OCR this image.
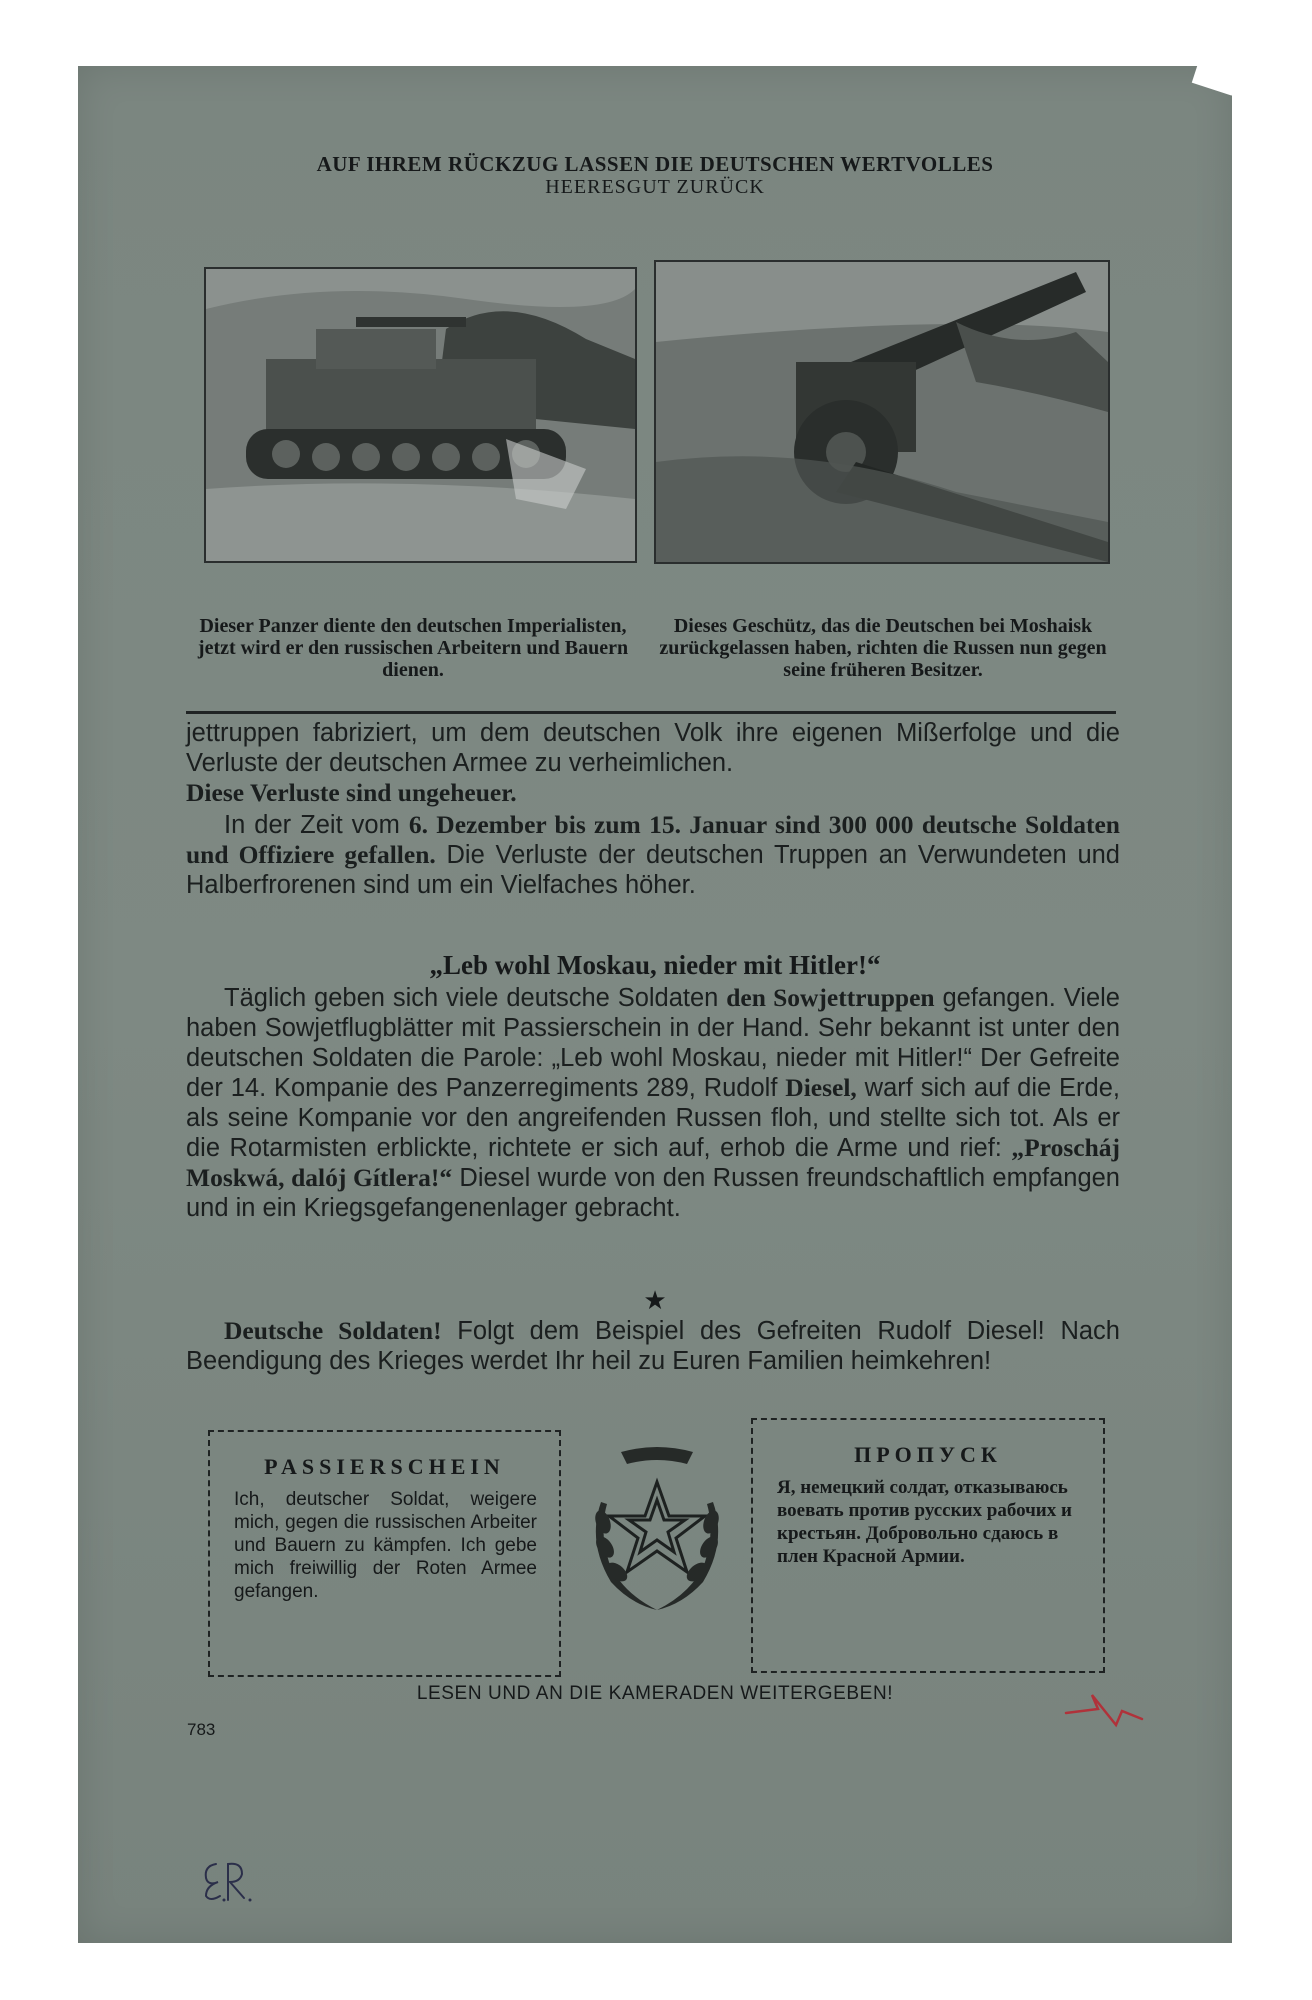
AUF IHREM RÜCKZUG LASSEN DIE DEUTSCHEN WERTVOLLES
HEERESGUT ZURÜCK
Dieser Panzer diente den deutschen Imperialisten, jetzt wird er den russischen Arbeitern und Bauern dienen.
Dieses Geschütz, das die Deutschen bei Moshaisk zurückgelassen haben, richten die Russen nun gegen seine früheren Besitzer.
jettruppen fabriziert, um dem deutschen Volk ihre eigenen Mißerfolge und die Verluste der deutschen Armee zu verheimlichen.
Diese Verluste sind ungeheuer.
In der Zeit vom 6. Dezember bis zum 15. Januar sind 300 000 deutsche Soldaten und Offiziere gefallen. Die Verluste der deutschen Truppen an Verwundeten und Halberfrorenen sind um ein Vielfaches höher.
„Leb wohl Moskau, nieder mit Hitler!“
Täglich geben sich viele deutsche Soldaten den Sowjettruppen gefangen. Viele haben Sowjetflugblätter mit Passierschein in der Hand. Sehr bekannt ist unter den deutschen Soldaten die Parole: „Leb wohl Moskau, nieder mit Hitler!“ Der Gefreite der 14. Kompanie des Panzerregiments 289, Rudolf Diesel, warf sich auf die Erde, als seine Kompanie vor den angreifenden Russen floh, und stellte sich tot. Als er die Rotarmisten erblickte, richtete er sich auf, erhob die Arme und rief: „Prosсháj Moskwá, dalój Gítlera!“ Diesel wurde von den Russen freundschaftlich empfangen und in ein Kriegsgefangenenlager gebracht.
★
Deutsche Soldaten! Folgt dem Beispiel des Gefreiten Rudolf Diesel! Nach Beendigung des Krieges werdet Ihr heil zu Euren Familien heimkehren!
PASSIERSCHEIN
Ich, deutscher Soldat, weigere mich, gegen die russischen Arbeiter und Bauern zu kämpfen. Ich gebe mich freiwillig der Roten Armee gefangen.
ПРОПУСК
Я, немецкий солдат, отказываюсь воевать против русских рабочих и крестьян. Добровольно сдаюсь в плен Красной Армии.
LESEN UND AN DIE KAMERADEN WEITERGEBEN!
783
